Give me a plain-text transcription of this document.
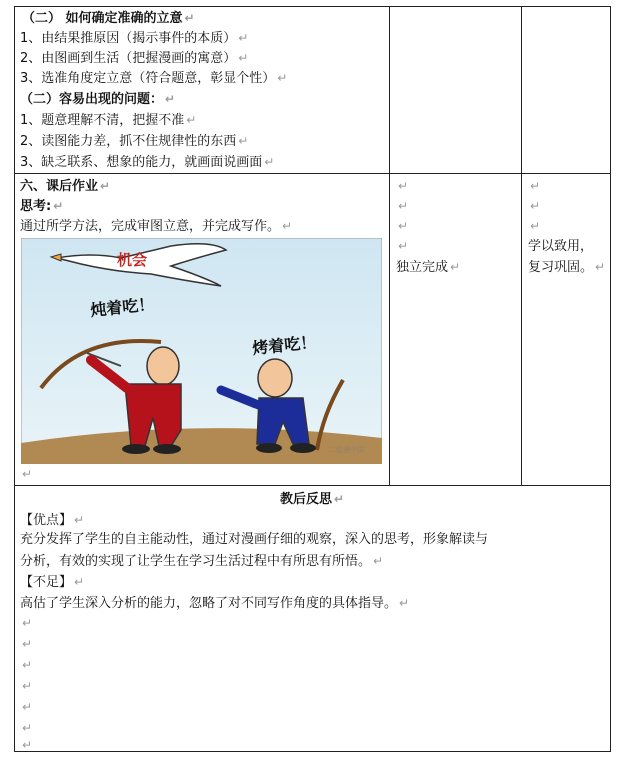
（二） 如何确定准确的立意 ↵
1、由结果推原因（揭示事件的本质） ↵
2、由图画到生活（把握漫画的寓意） ↵
3、选准角度定立意（符合题意，彰显个性） ↵
（二）容易出现的问题： ↵
1、题意理解不清，把握不准 ↵
2、读图能力差，抓不住规律性的东西 ↵
3、缺乏联系、想象的能力，就画面说画面 ↵
六、课后作业 ↵
思考: ↵
通过所学方法，完成审图立意，并完成写作。 ↵
机会
炖着吃！
烤着吃！
二绘漫中国
↵
↵
↵
↵
↵
独立完成 ↵
↵
↵
↵
学以致用，
复习巩固。 ↵
教后反思 ↵
【优点】 ↵
充分发挥了学生的自主能动性，通过对漫画仔细的观察，深入的思考，形象解读与
分析，有效的实现了让学生在学习生活过程中有所思有所悟。 ↵
【不足】 ↵
高估了学生深入分析的能力，忽略了对不同写作角度的具体指导。 ↵
↵
↵
↵
↵
↵
↵
↵
